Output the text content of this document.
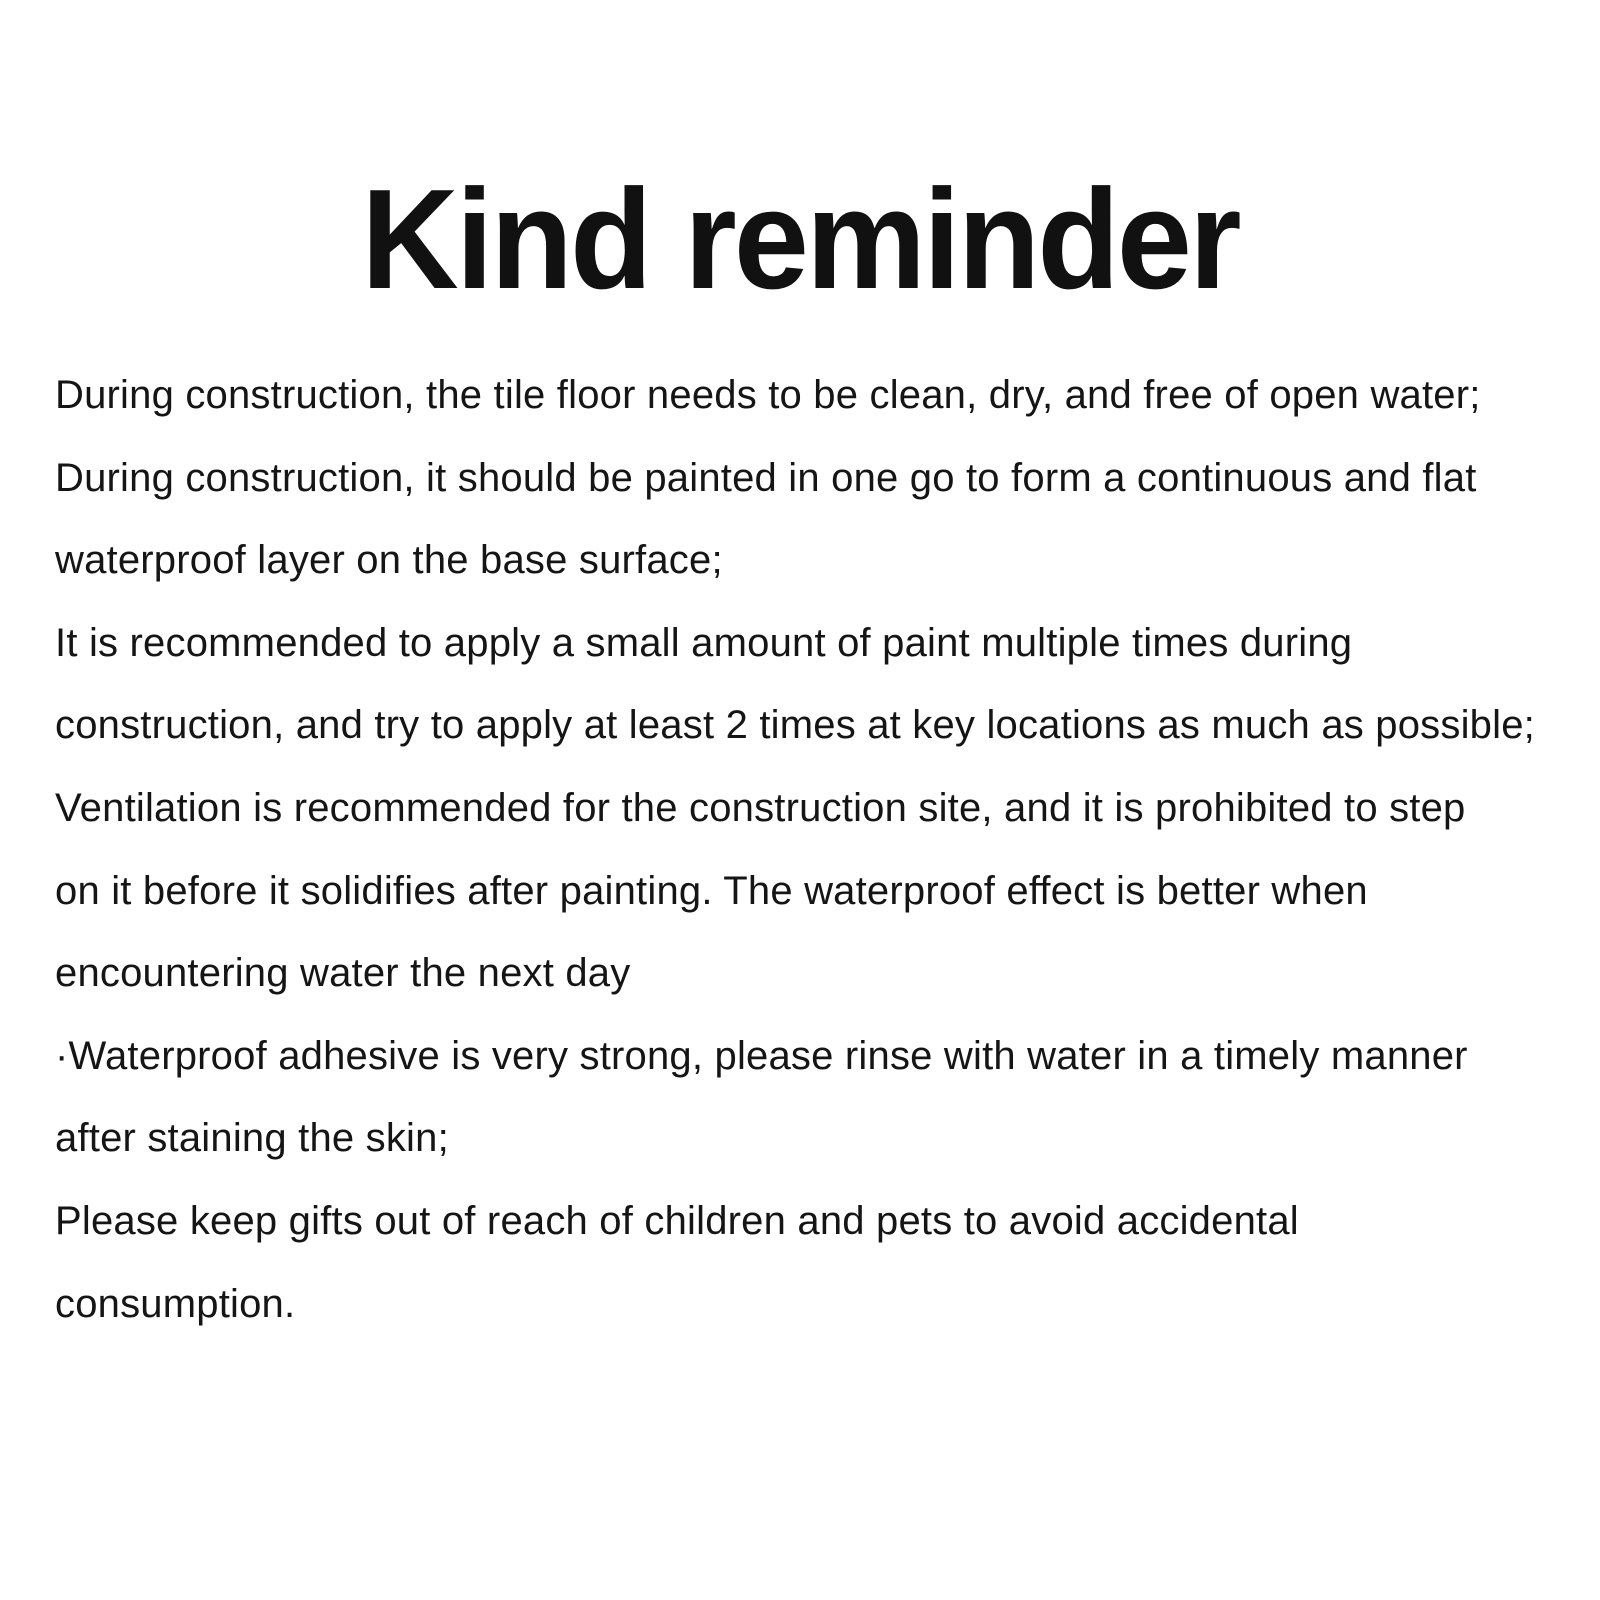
Kind reminder
During construction, the tile floor needs to be clean, dry, and free of open water;
During construction, it should be painted in one go to form a continuous and flat
waterproof layer on the base surface;
It is recommended to apply a small amount of paint multiple times during
construction, and try to apply at least 2 times at key locations as much as possible;
Ventilation is recommended for the construction site, and it is prohibited to step
on it before it solidifies after painting. The waterproof effect is better when
encountering water the next day
·Waterproof adhesive is very strong, please rinse with water in a timely manner
after staining the skin;
Please keep gifts out of reach of children and pets to avoid accidental
consumption.
